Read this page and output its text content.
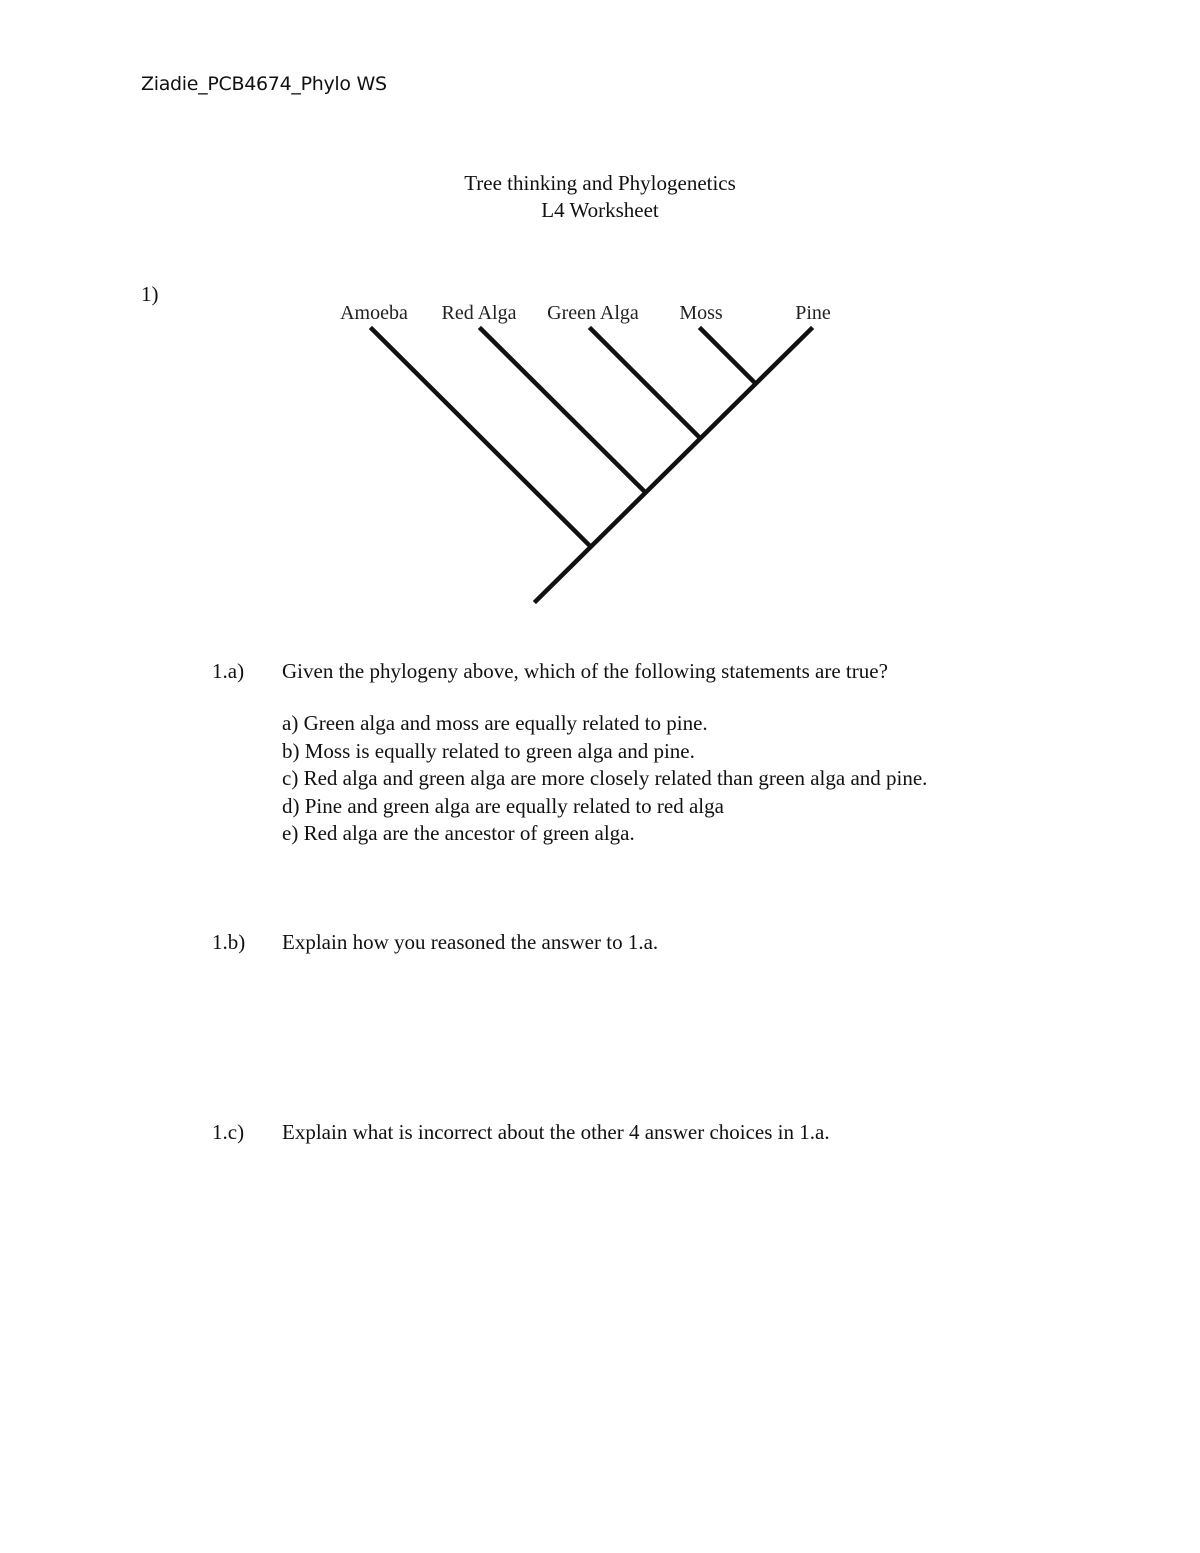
Ziadie_PCB4674_Phylo WS
Tree thinking and Phylogenetics
L4 Worksheet
1)
Amoeba Red Alga Green Alga Moss	Pine
1.a) Given the phylogeny above, which of the following statements are true?
a) Green alga and moss are equally related to pine.
b) Moss is equally related to green alga and pine.
c) Red alga and green alga are more closely related than green alga and pine.
d) Pine and green alga are equally related to red alga
e) Red alga are the ancestor of green alga.
1.b) Explain how you reasoned the answer to 1.a.
1.c) Explain what is incorrect about the other 4 answer choices in 1.a.
